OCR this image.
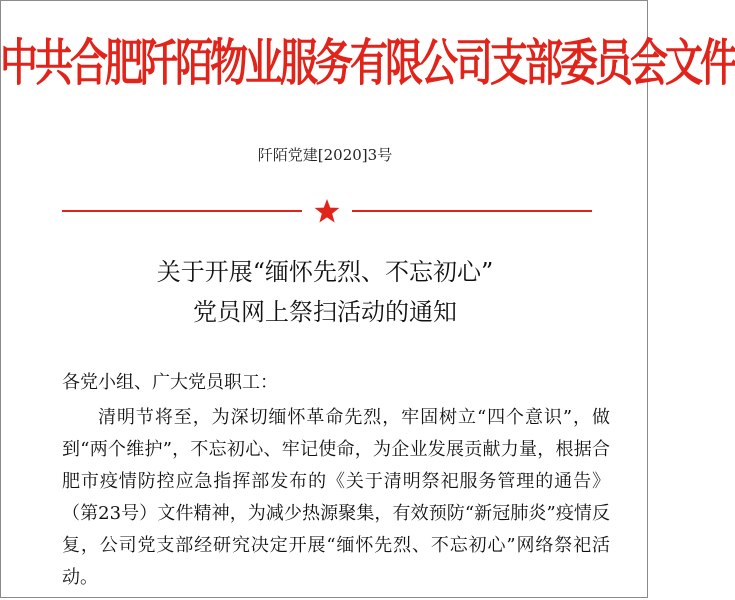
中共合肥阡陌物业服务有限公司支部委员会文件
阡陌党建[2020]3号
关于开展“缅怀先烈、不忘初心”
党员网上祭扫活动的通知
各党小组、广大党员职工：
清明节将至，为深切缅怀革命先烈，牢固树立“四个意识”，做到“两个维护”，不忘初心、牢记使命，为企业发展贡献力量，根据合肥市疫情防控应急指挥部发布的《关于清明祭祀服务管理的通告》（第23号）文件精神，为减少热源聚集，有效预防“新冠肺炎”疫情反复，公司党支部经研究决定开展“缅怀先烈、不忘初心”网络祭祀活动。
